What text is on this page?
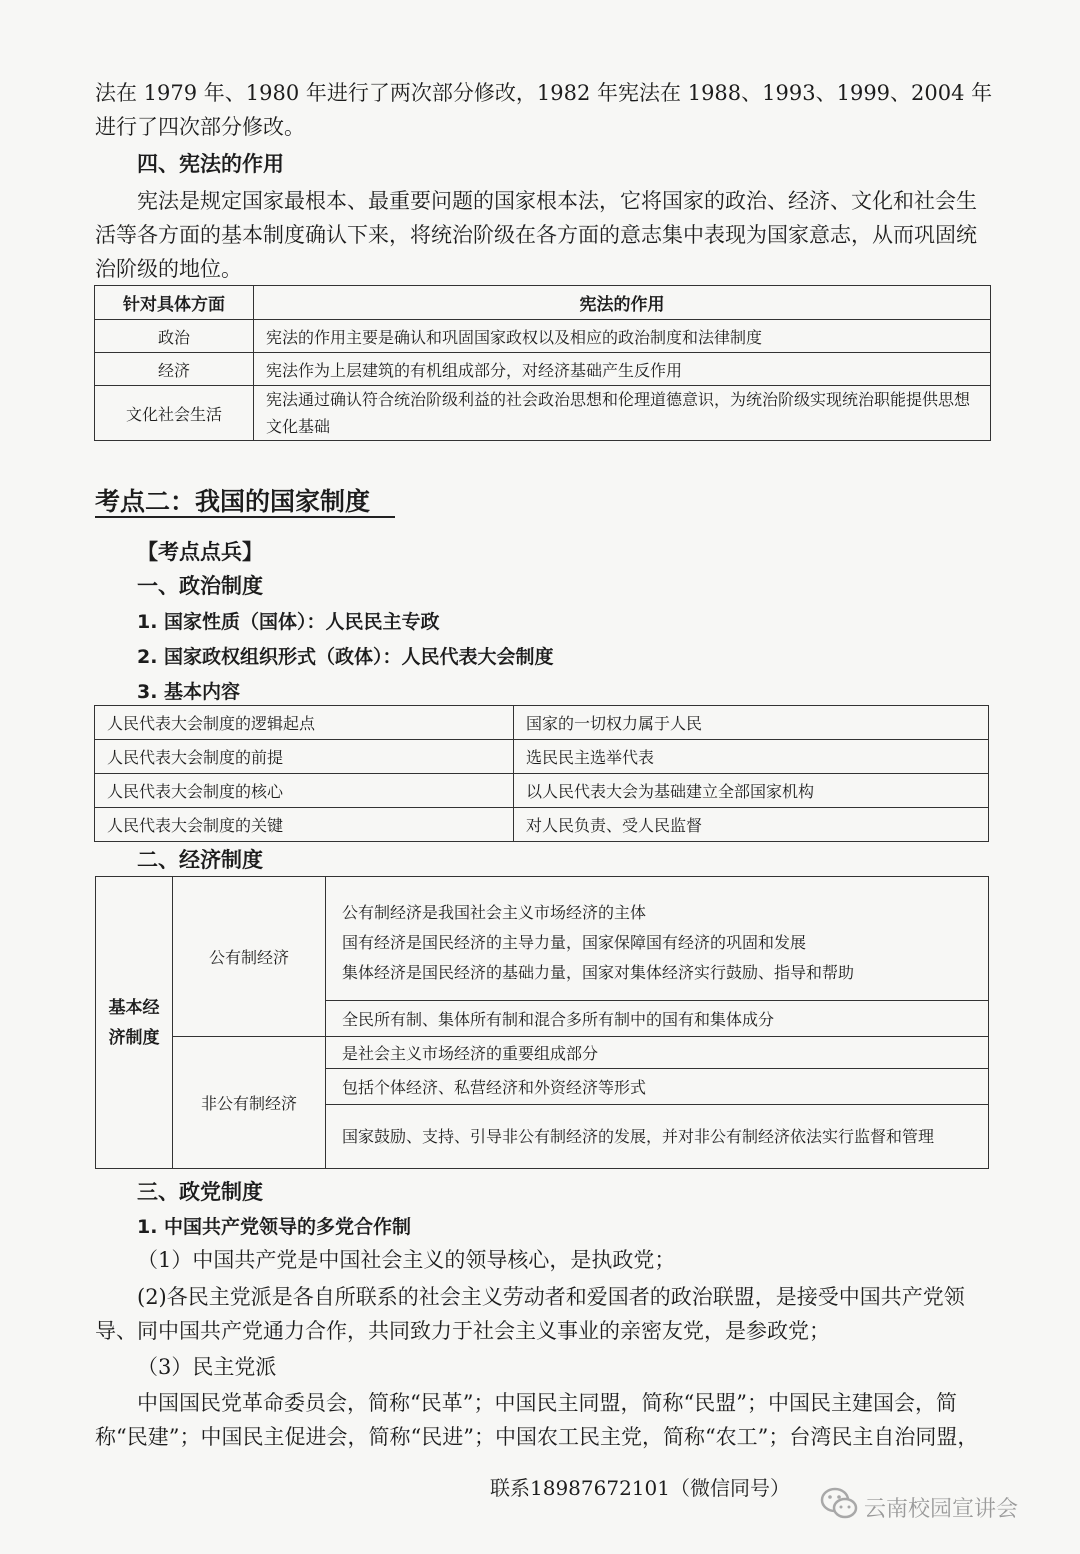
法在 1979 年、1980 年进行了两次部分修改，1982 年宪法在 1988、1993、1999、2004 年进行了四次部分修改。

四、宪法的作用

宪法是规定国家最根本、最重要问题的国家根本法，它将国家的政治、经济、文化和社会生活等各方面的基本制度确认下来，将统治阶级在各方面的意志集中表现为国家意志，从而巩固统治阶级的地位。

针对具体方面	宪法的作用
政治	宪法的作用主要是确认和巩固国家政权以及相应的政治制度和法律制度
经济	宪法作为上层建筑的有机组成部分，对经济基础产生反作用
文化社会生活	宪法通过确认符合统治阶级利益的社会政治思想和伦理道德意识，为统治阶级实现统治职能提供思想文化基础
考点二：我国的国家制度
【考点点兵】
一、政治制度
1. 国家性质（国体）：人民民主专政
2. 国家政权组织形式（政体）：人民代表大会制度
3. 基本内容
人民代表大会制度的逻辑起点	国家的一切权力属于人民
人民代表大会制度的前提	选民民主选举代表
人民代表大会制度的核心	以人民代表大会为基础建立全部国家机构
人民代表大会制度的关键	对人民负责、受人民监督
二、经济制度
基本经济制度	公有制经济	公有制经济是我国社会主义市场经济的主体
国有经济是国民经济的主导力量，国家保障国有经济的巩固和发展
集体经济是国民经济的基础力量，国家对集体经济实行鼓励、指导和帮助

		全民所有制、集体所有制和混合多所有制中的国有和集体成分
	非公有制经济	是社会主义市场经济的重要组成部分
		包括个体经济、私营经济和外资经济等形式
		国家鼓励、支持、引导非公有制经济的发展，并对非公有制经济依法实行监督和管理
三、政党制度
1. 中国共产党领导的多党合作制

（1）中国共产党是中国社会主义的领导核心，是执政党；

(2)各民主党派是各自所联系的社会主义劳动者和爱国者的政治联盟，是接受中国共产党领导、同中国共产党通力合作，共同致力于社会主义事业的亲密友党，是参政党；

（3）民主党派

中国国民党革命委员会，简称“民革”；中国民主同盟，简称“民盟”；中国民主建国会，简称“民建”；中国民主促进会，简称“民进”；中国农工民主党，简称“农工”；台湾民主自治同盟，

联系18987672101（微信同号）
云南校园宣讲会
